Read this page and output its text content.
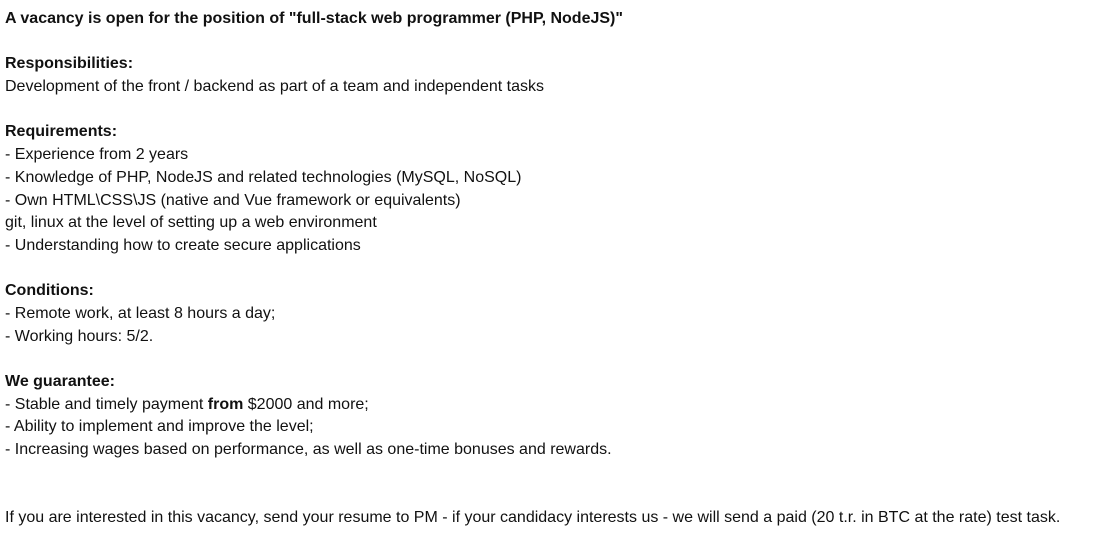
A vacancy is open for the position of "full-stack web programmer (PHP, NodeJS)"
Responsibilities:
Development of the front / backend as part of a team and independent tasks
Requirements:
- Experience from 2 years
- Knowledge of PHP, NodeJS and related technologies (MySQL, NoSQL)
- Own HTML\CSS\JS (native and Vue framework or equivalents)
git, linux at the level of setting up a web environment
- Understanding how to create secure applications
Conditions:
- Remote work, at least 8 hours a day;
- Working hours: 5/2.
We guarantee:
- Stable and timely payment from $2000 and more;
- Ability to implement and improve the level;
- Increasing wages based on performance, as well as one-time bonuses and rewards.
If you are interested in this vacancy, send your resume to PM - if your candidacy interests us - we will send a paid (20 t.r. in BTC at the rate) test task.
